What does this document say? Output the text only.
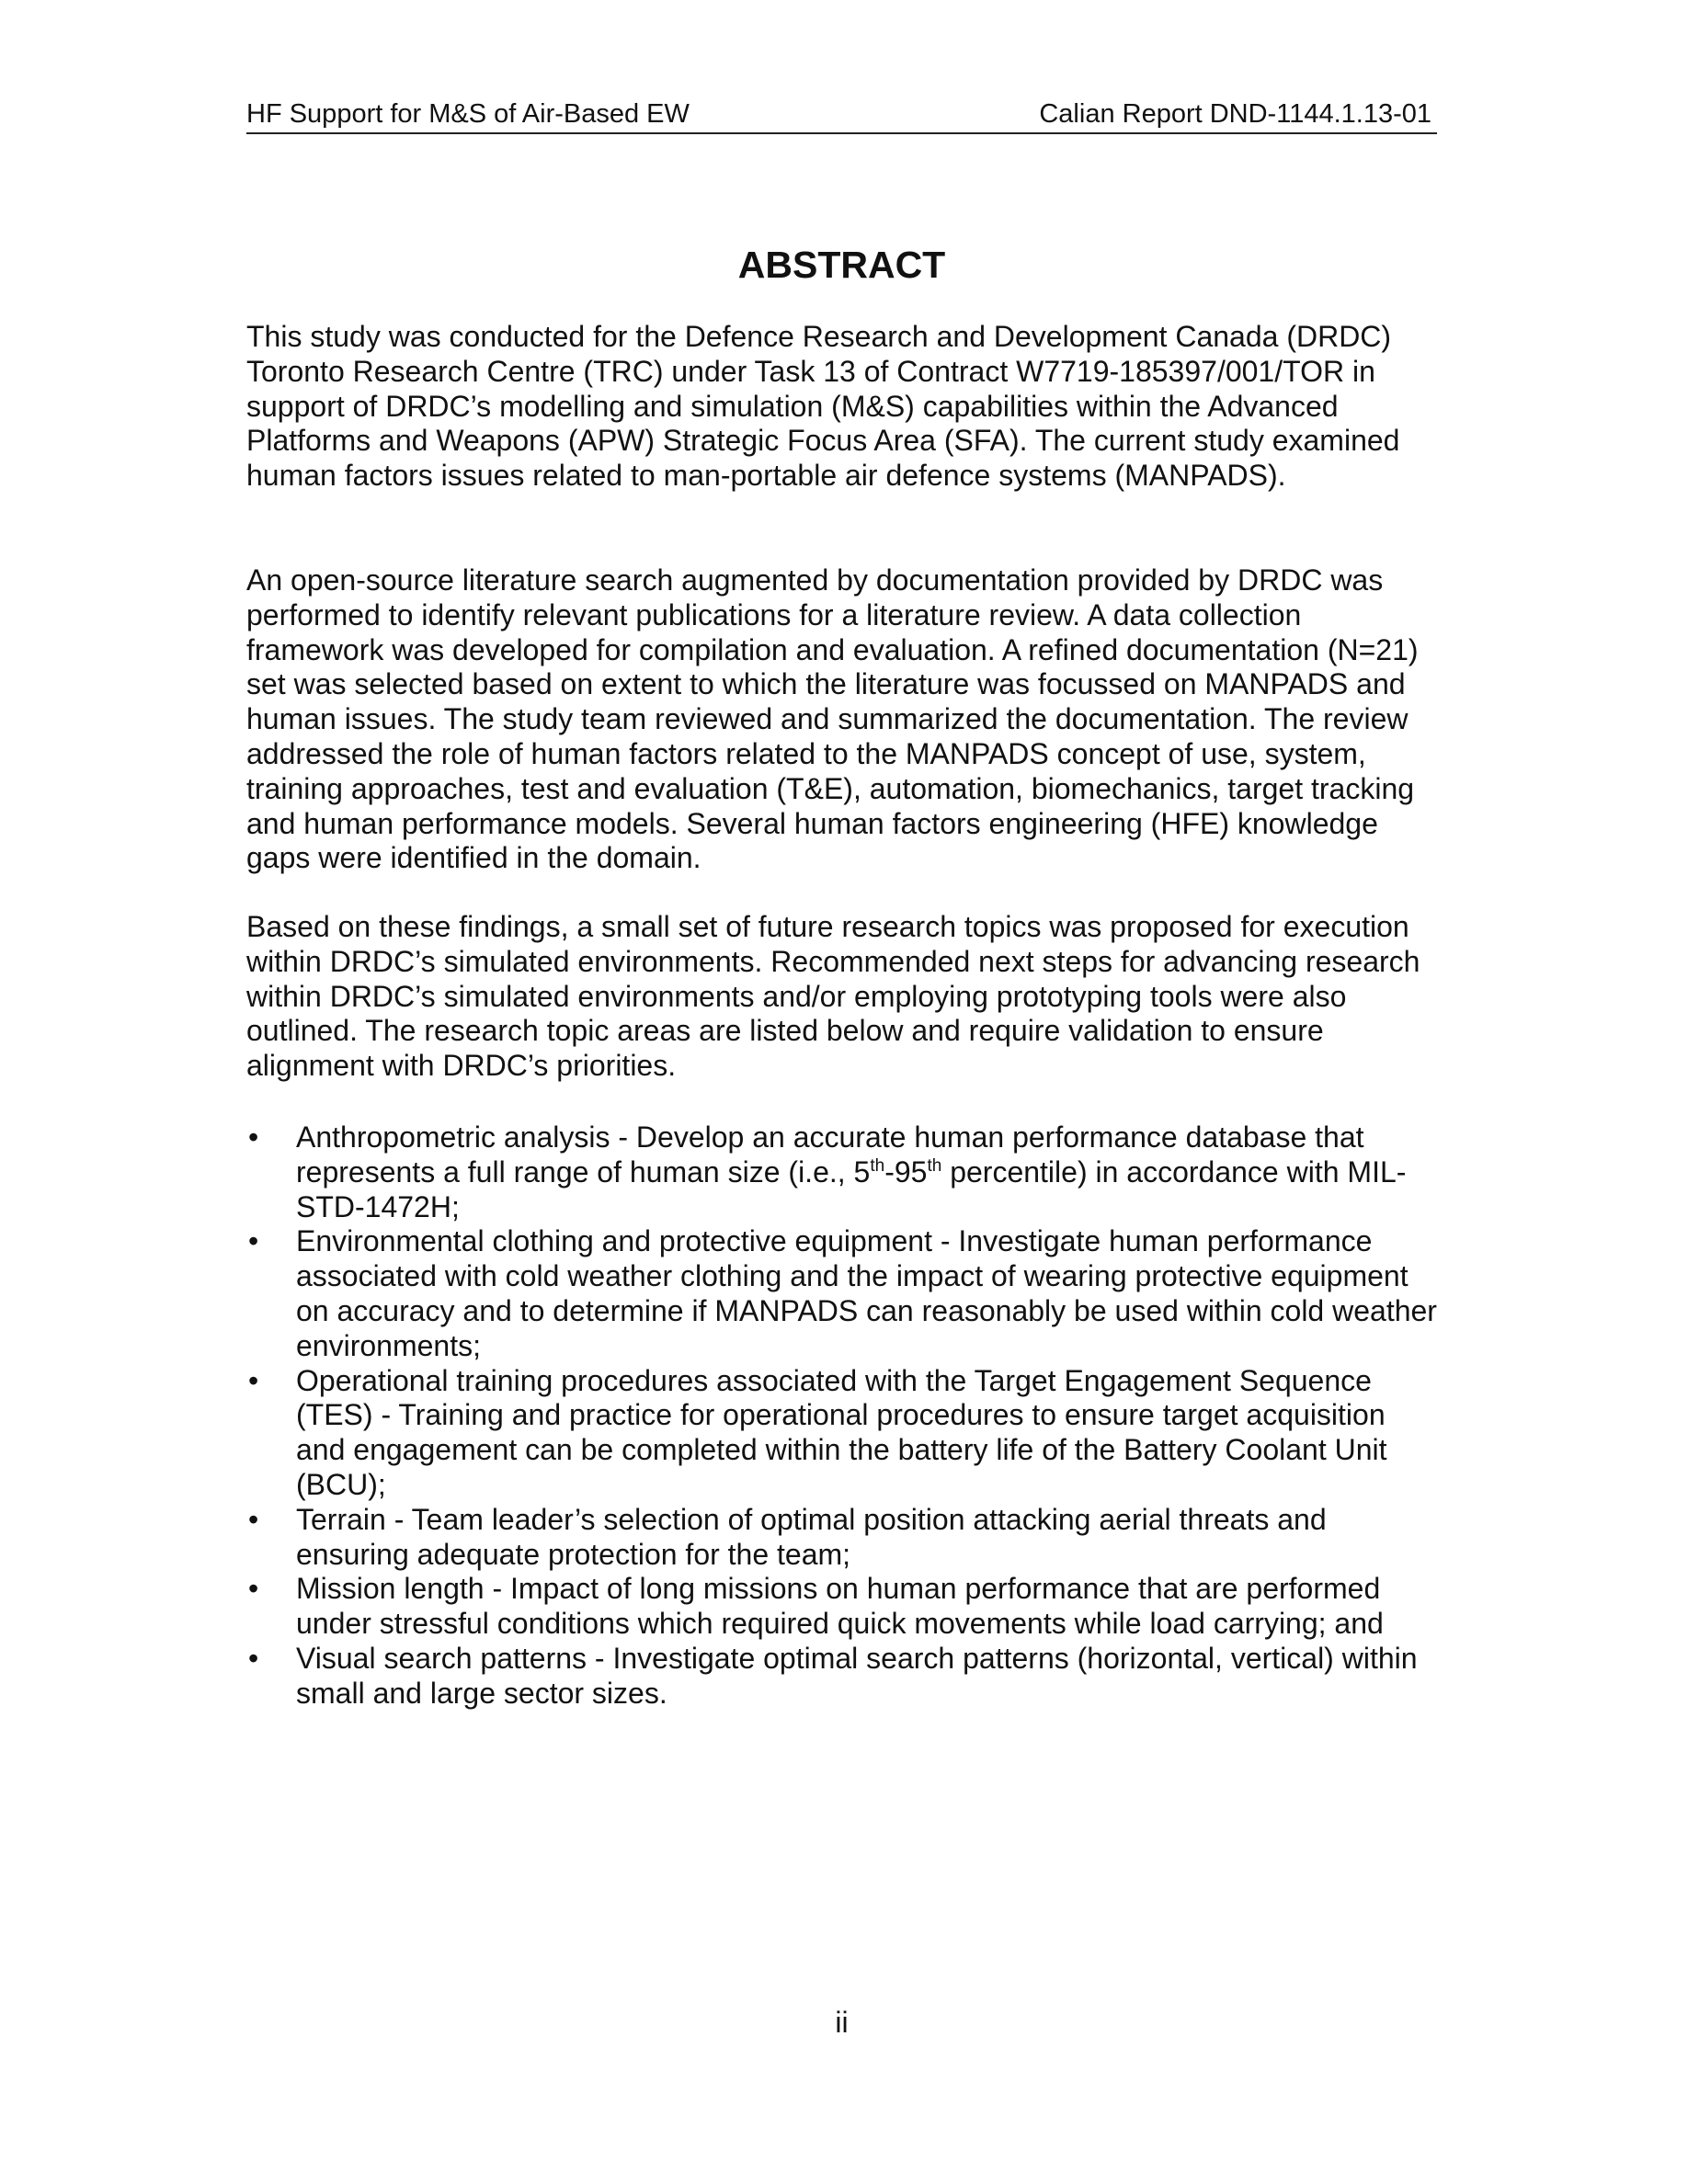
HF Support for M&S of Air-Based EW	Calian Report DND-1144.1.13-01
ABSTRACT

This study was conducted for the Defence Research and Development Canada (DRDC) Toronto Research Centre (TRC) under Task 13 of Contract W7719-185397/001/TOR in support of DRDC’s modelling and simulation (M&S) capabilities within the Advanced Platforms and Weapons (APW) Strategic Focus Area (SFA). The current study examined human factors issues related to man-portable air defence systems (MANPADS).

An open-source literature search augmented by documentation provided by DRDC was performed to identify relevant publications for a literature review. A data collection framework was developed for compilation and evaluation. A refined documentation (N=21) set was selected based on extent to which the literature was focussed on MANPADS and human issues. The study team reviewed and summarized the documentation. The review addressed the role of human factors related to the MANPADS concept of use, system, training approaches, test and evaluation (T&E), automation, biomechanics, target tracking and human performance models. Several human factors engineering (HFE) knowledge gaps were identified in the domain.

Based on these findings, a small set of future research topics was proposed for execution within DRDC’s simulated environments. Recommended next steps for advancing research within DRDC’s simulated environments and/or employing prototyping tools were also outlined. The research topic areas are listed below and require validation to ensure alignment with DRDC’s priorities.

• Anthropometric analysis - Develop an accurate human performance database that represents a full range of human size (i.e., 5th-95th percentile) in accordance with MIL-STD-1472H;
• Environmental clothing and protective equipment - Investigate human performance associated with cold weather clothing and the impact of wearing protective equipment on accuracy and to determine if MANPADS can reasonably be used within cold weather environments;
• Operational training procedures associated with the Target Engagement Sequence (TES) - Training and practice for operational procedures to ensure target acquisition and engagement can be completed within the battery life of the Battery Coolant Unit (BCU);
• Terrain - Team leader’s selection of optimal position attacking aerial threats and ensuring adequate protection for the team;
• Mission length - Impact of long missions on human performance that are performed under stressful conditions which required quick movements while load carrying; and
• Visual search patterns - Investigate optimal search patterns (horizontal, vertical) within small and large sector sizes.
ii
